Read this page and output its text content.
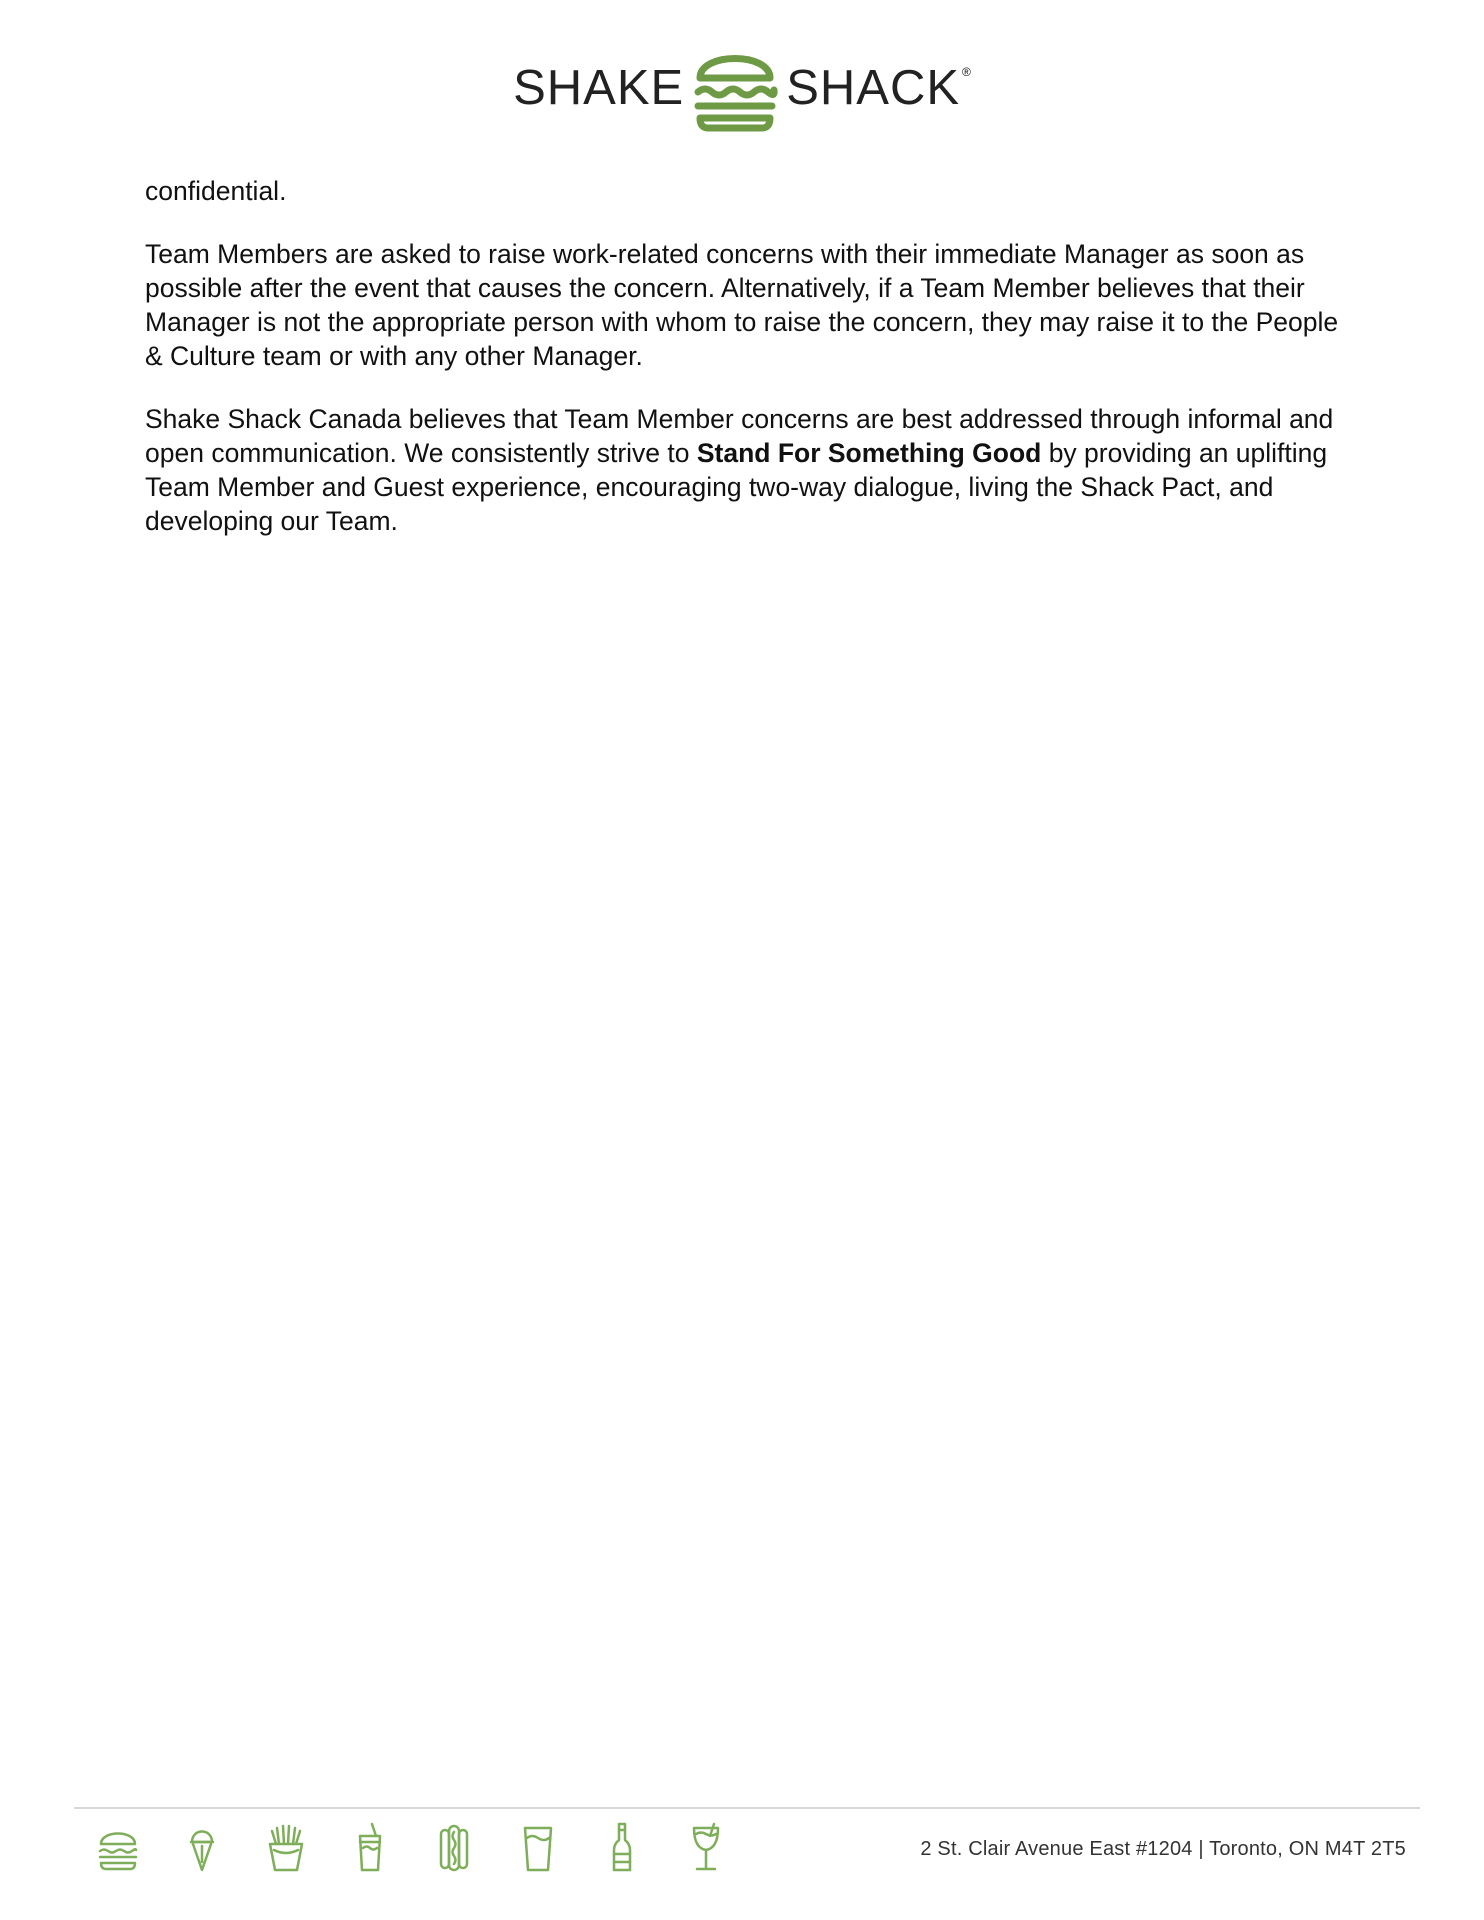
SHAKE SHACK ®

confidential.

Team Members are asked to raise work-related concerns with their immediate Manager as soon as possible after the event that causes the concern. Alternatively, if a Team Member believes that their Manager is not the appropriate person with whom to raise the concern, they may raise it to the People & Culture team or with any other Manager.

Shake Shack Canada believes that Team Member concerns are best addressed through informal and open communication. We consistently strive to Stand For Something Good by providing an uplifting Team Member and Guest experience, encouraging two-way dialogue, living the Shack Pact, and developing our Team.

2 St. Clair Avenue East #1204 | Toronto, ON M4T 2T5
